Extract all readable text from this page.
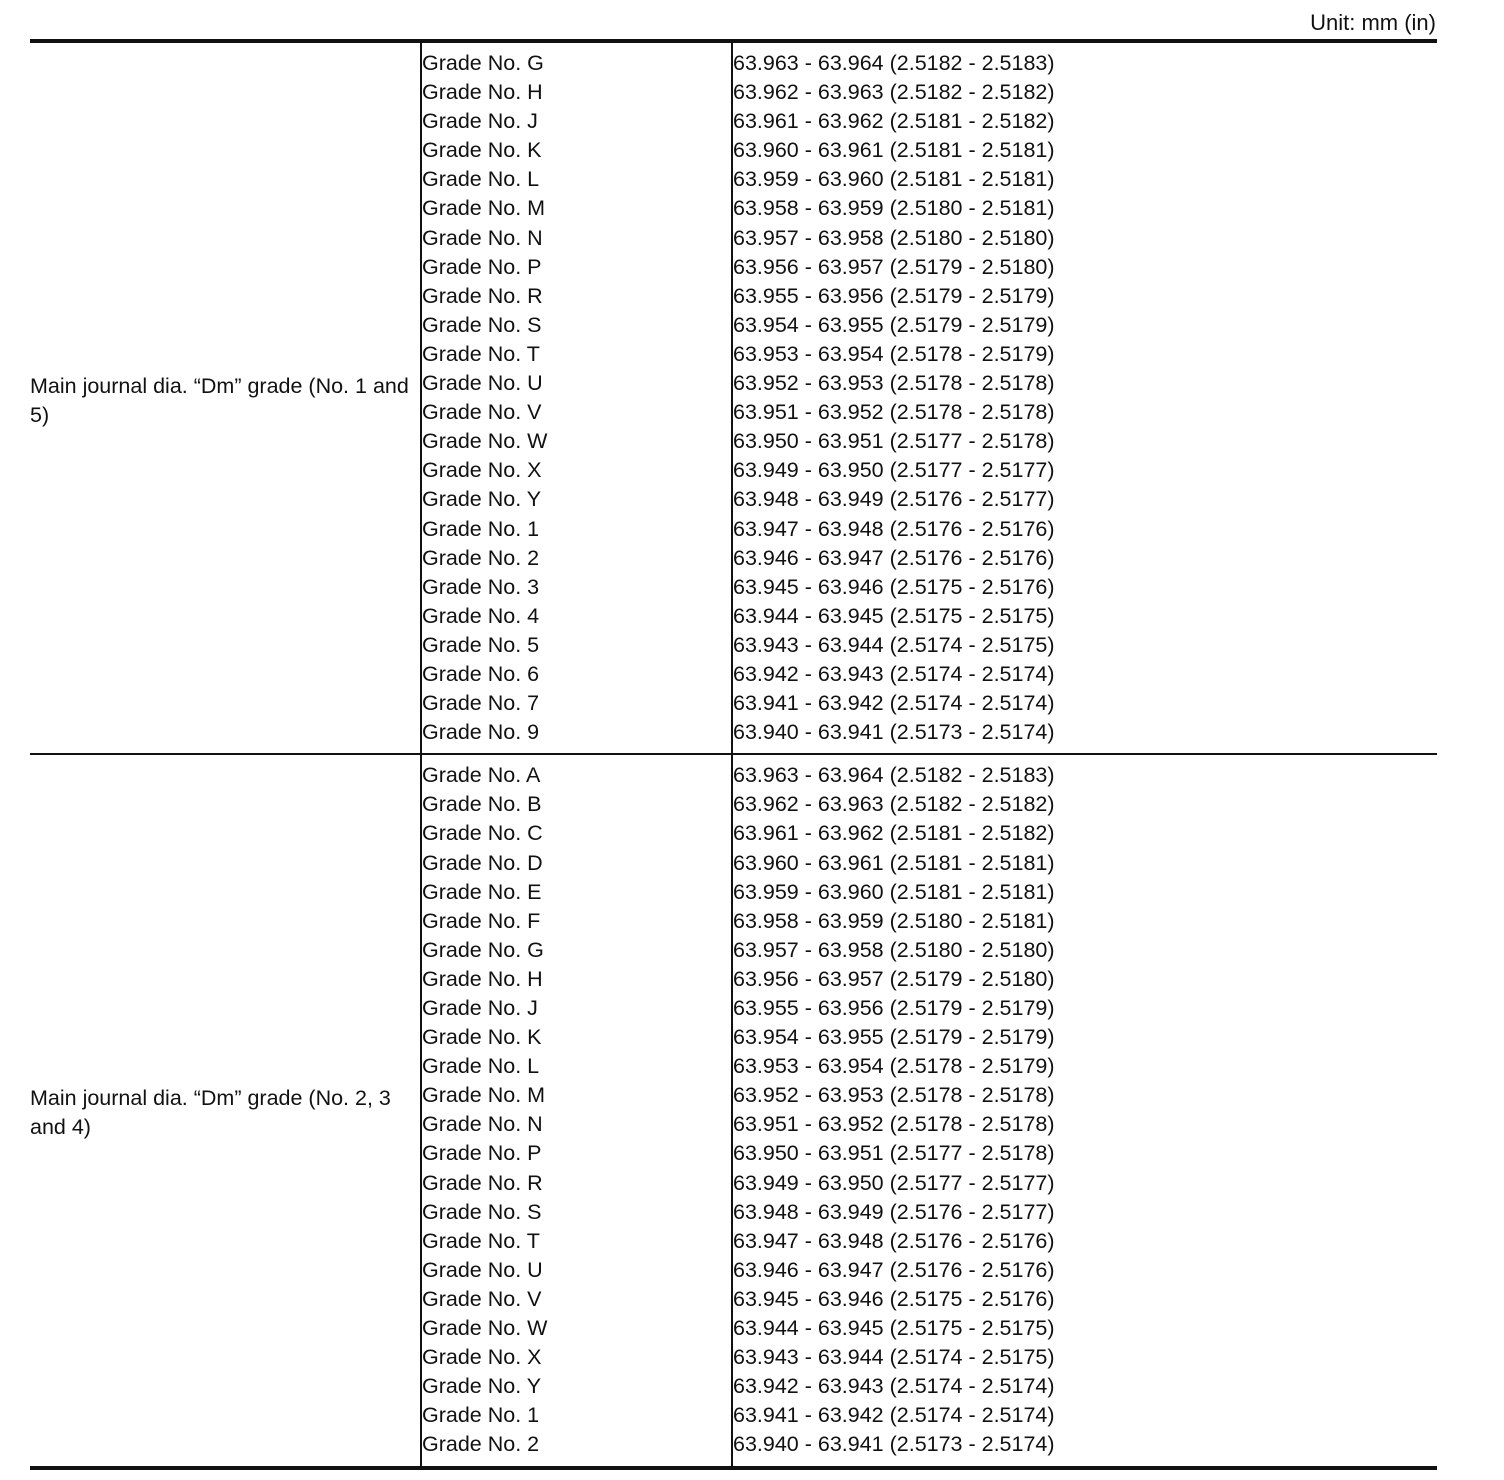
Unit: mm (in)

Main journal dia. “Dm” grade (No. 1 and 5)	Grade No. G	63.963 - 63.964 (2.5182 - 2.5183)
	Grade No. H	63.962 - 63.963 (2.5182 - 2.5182)
	Grade No. J	63.961 - 63.962 (2.5181 - 2.5182)
	Grade No. K	63.960 - 63.961 (2.5181 - 2.5181)
	Grade No. L	63.959 - 63.960 (2.5181 - 2.5181)
	Grade No. M	63.958 - 63.959 (2.5180 - 2.5181)
	Grade No. N	63.957 - 63.958 (2.5180 - 2.5180)
	Grade No. P	63.956 - 63.957 (2.5179 - 2.5180)
	Grade No. R	63.955 - 63.956 (2.5179 - 2.5179)
	Grade No. S	63.954 - 63.955 (2.5179 - 2.5179)
	Grade No. T	63.953 - 63.954 (2.5178 - 2.5179)
	Grade No. U	63.952 - 63.953 (2.5178 - 2.5178)
	Grade No. V	63.951 - 63.952 (2.5178 - 2.5178)
	Grade No. W	63.950 - 63.951 (2.5177 - 2.5178)
	Grade No. X	63.949 - 63.950 (2.5177 - 2.5177)
	Grade No. Y	63.948 - 63.949 (2.5176 - 2.5177)
	Grade No. 1	63.947 - 63.948 (2.5176 - 2.5176)
	Grade No. 2	63.946 - 63.947 (2.5176 - 2.5176)
	Grade No. 3	63.945 - 63.946 (2.5175 - 2.5176)
	Grade No. 4	63.944 - 63.945 (2.5175 - 2.5175)
	Grade No. 5	63.943 - 63.944 (2.5174 - 2.5175)
	Grade No. 6	63.942 - 63.943 (2.5174 - 2.5174)
	Grade No. 7	63.941 - 63.942 (2.5174 - 2.5174)
	Grade No. 9	63.940 - 63.941 (2.5173 - 2.5174)

Main journal dia. “Dm” grade (No. 2, 3 and 4)	Grade No. A	63.963 - 63.964 (2.5182 - 2.5183)
	Grade No. B	63.962 - 63.963 (2.5182 - 2.5182)
	Grade No. C	63.961 - 63.962 (2.5181 - 2.5182)
	Grade No. D	63.960 - 63.961 (2.5181 - 2.5181)
	Grade No. E	63.959 - 63.960 (2.5181 - 2.5181)
	Grade No. F	63.958 - 63.959 (2.5180 - 2.5181)
	Grade No. G	63.957 - 63.958 (2.5180 - 2.5180)
	Grade No. H	63.956 - 63.957 (2.5179 - 2.5180)
	Grade No. J	63.955 - 63.956 (2.5179 - 2.5179)
	Grade No. K	63.954 - 63.955 (2.5179 - 2.5179)
	Grade No. L	63.953 - 63.954 (2.5178 - 2.5179)
	Grade No. M	63.952 - 63.953 (2.5178 - 2.5178)
	Grade No. N	63.951 - 63.952 (2.5178 - 2.5178)
	Grade No. P	63.950 - 63.951 (2.5177 - 2.5178)
	Grade No. R	63.949 - 63.950 (2.5177 - 2.5177)
	Grade No. S	63.948 - 63.949 (2.5176 - 2.5177)
	Grade No. T	63.947 - 63.948 (2.5176 - 2.5176)
	Grade No. U	63.946 - 63.947 (2.5176 - 2.5176)
	Grade No. V	63.945 - 63.946 (2.5175 - 2.5176)
	Grade No. W	63.944 - 63.945 (2.5175 - 2.5175)
	Grade No. X	63.943 - 63.944 (2.5174 - 2.5175)
	Grade No. Y	63.942 - 63.943 (2.5174 - 2.5174)
	Grade No. 1	63.941 - 63.942 (2.5174 - 2.5174)
	Grade No. 2	63.940 - 63.941 (2.5173 - 2.5174)
